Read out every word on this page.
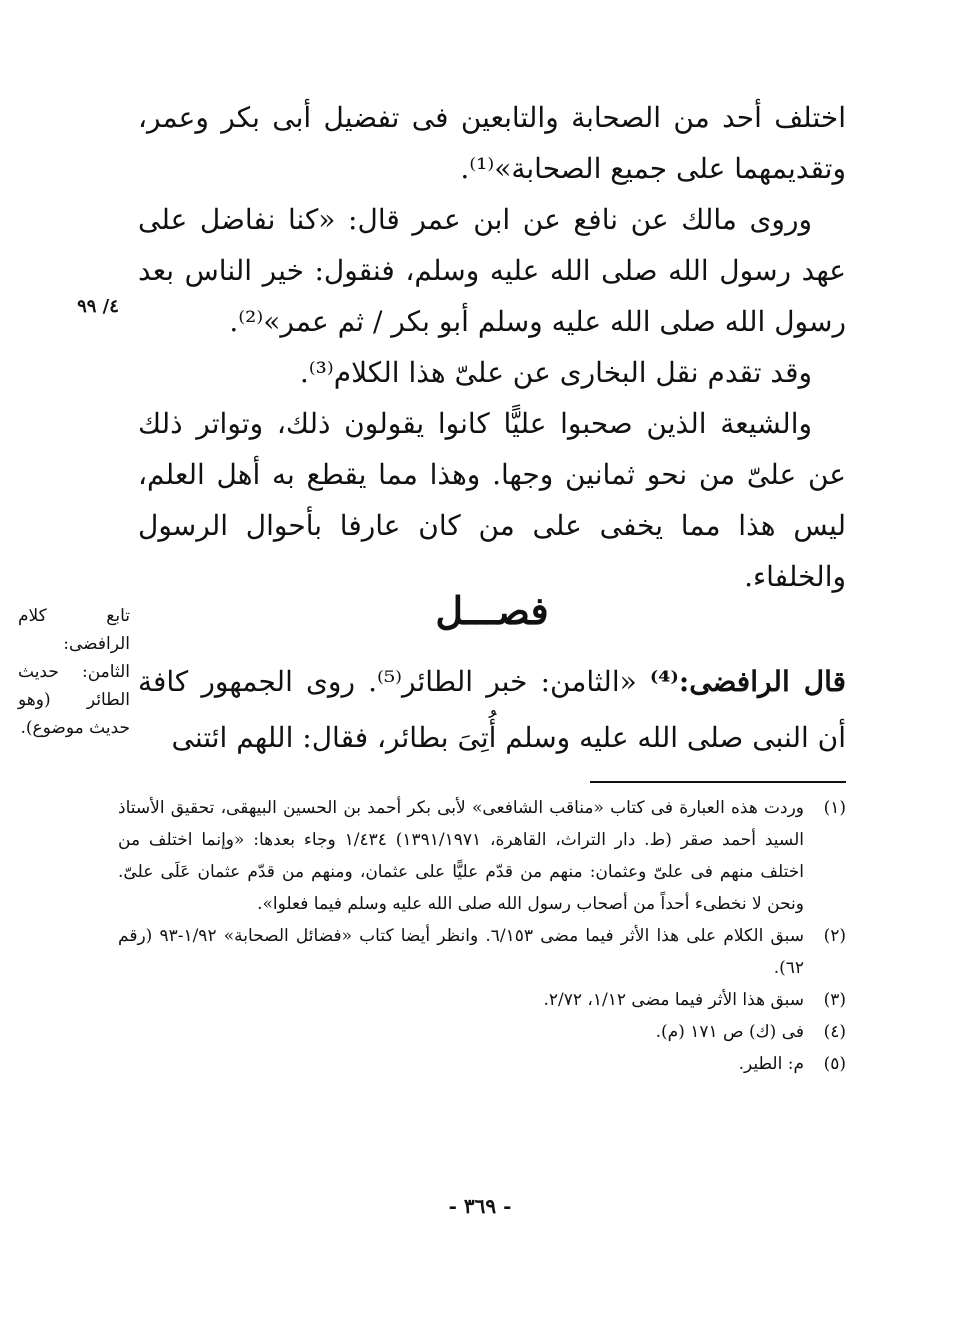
اختلف أحد من الصحابة والتابعين فى تفضيل أبى بكر وعمر، وتقديمهما على جميع الصحابة»⁽¹⁾.

وروى مالك عن نافع عن ابن عمر قال: «كنا نفاضل على عهد رسول الله صلى الله عليه وسلم، فنقول: خير الناس بعد رسول الله صلى الله عليه وسلم أبو بكر / ثم عمر»⁽²⁾.

وقد تقدم نقل البخارى عن علىّ هذا الكلام⁽³⁾.

والشيعة الذين صحبوا عليًّا كانوا يقولون ذلك، وتواتر ذلك عن علىّ من نحو ثمانين وجها. وهذا مما يقطع به أهل العلم، ليس هذا مما يخفى على من كان عارفا بأحوال الرسول والخلفاء.

٤/ ٩٩
فصـــل
تابع كلام الرافضى: الثامن: حديث الطائر (وهو حديث موضوع).
قال الرافضى:⁽⁴⁾ «الثامن: خبر الطائر⁽⁵⁾. روى الجمهور كافة أن النبى صلى الله عليه وسلم أُتِىَ بطائر، فقال: اللهم ائتنى
(١)
وردت هذه العبارة فى كتاب «مناقب الشافعى» لأبى بكر أحمد بن الحسين البيهقى، تحقيق الأستاذ السيد أحمد صقر (ط. دار التراث، القاهرة، ١٣٩١/١٩٧١) ١/٤٣٤ وجاء بعدها: «وإنما اختلف من اختلف منهم فى علىّ وعثمان: منهم من قدّم عليًّا على عثمان، ومنهم من قدّم عثمان عَلَى علىّ. ونحن لا نخطىء أحداً من أصحاب رسول الله صلى الله عليه وسلم فيما فعلوا».
(٢)
سبق الكلام على هذا الأثر فيما مضى ٦/١٥٣. وانظر أيضا كتاب «فضائل الصحابة» ١/٩٢-٩٣ (رقم ٦٢).
(٣)
سبق هذا الأثر فيما مضى ١/١٢، ٢/٧٢.
(٤)
فى (ك) ص ١٧١ (م).
(٥)
م: الطير.
- ٣٦٩ -
